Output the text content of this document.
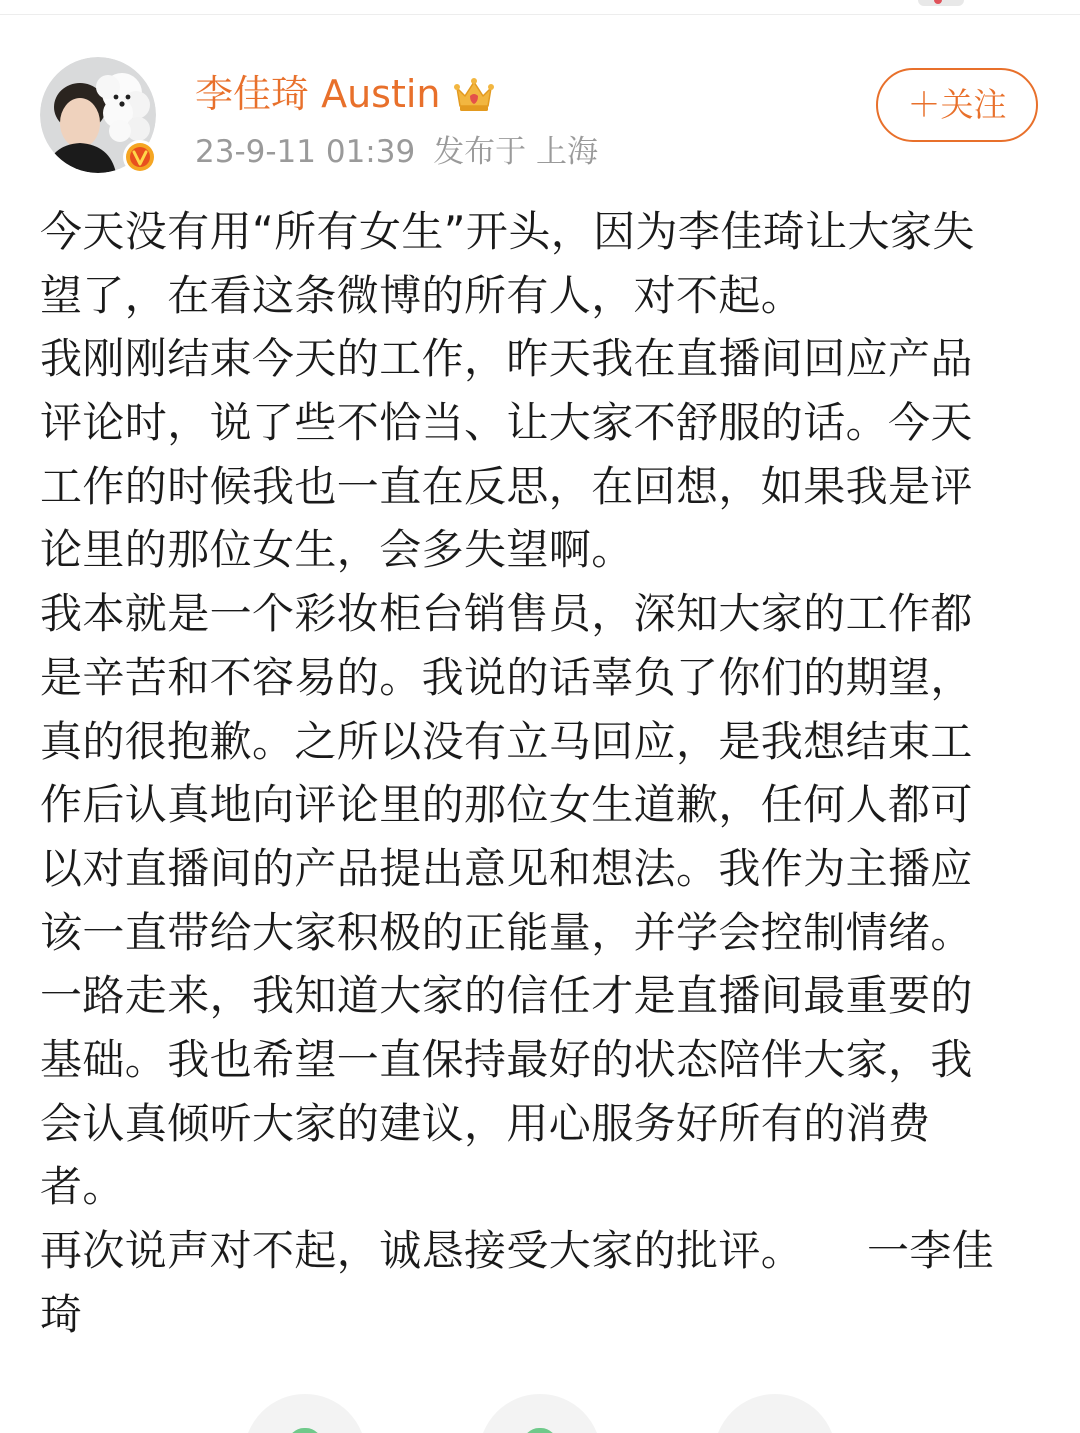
李佳琦 Austin
23-9-11 01:39 发布于 上海
＋关注
今天没有用“所有女生”开头，因为李佳琦让大家失
望了，在看这条微博的所有人，对不起。
我刚刚结束今天的工作，昨天我在直播间回应产品
评论时，说了些不恰当、让大家不舒服的话。今天
工作的时候我也一直在反思，在回想，如果我是评
论里的那位女生，会多失望啊。
我本就是一个彩妆柜台销售员，深知大家的工作都
是辛苦和不容易的。我说的话辜负了你们的期望，
真的很抱歉。之所以没有立马回应，是我想结束工
作后认真地向评论里的那位女生道歉，任何人都可
以对直播间的产品提出意见和想法。我作为主播应
该一直带给大家积极的正能量，并学会控制情绪。
一路走来，我知道大家的信任才是直播间最重要的
基础。我也希望一直保持最好的状态陪伴大家，我
会认真倾听大家的建议，用心服务好所有的消费
者。
再次说声对不起，诚恳接受大家的批评。　　一李佳
琦
